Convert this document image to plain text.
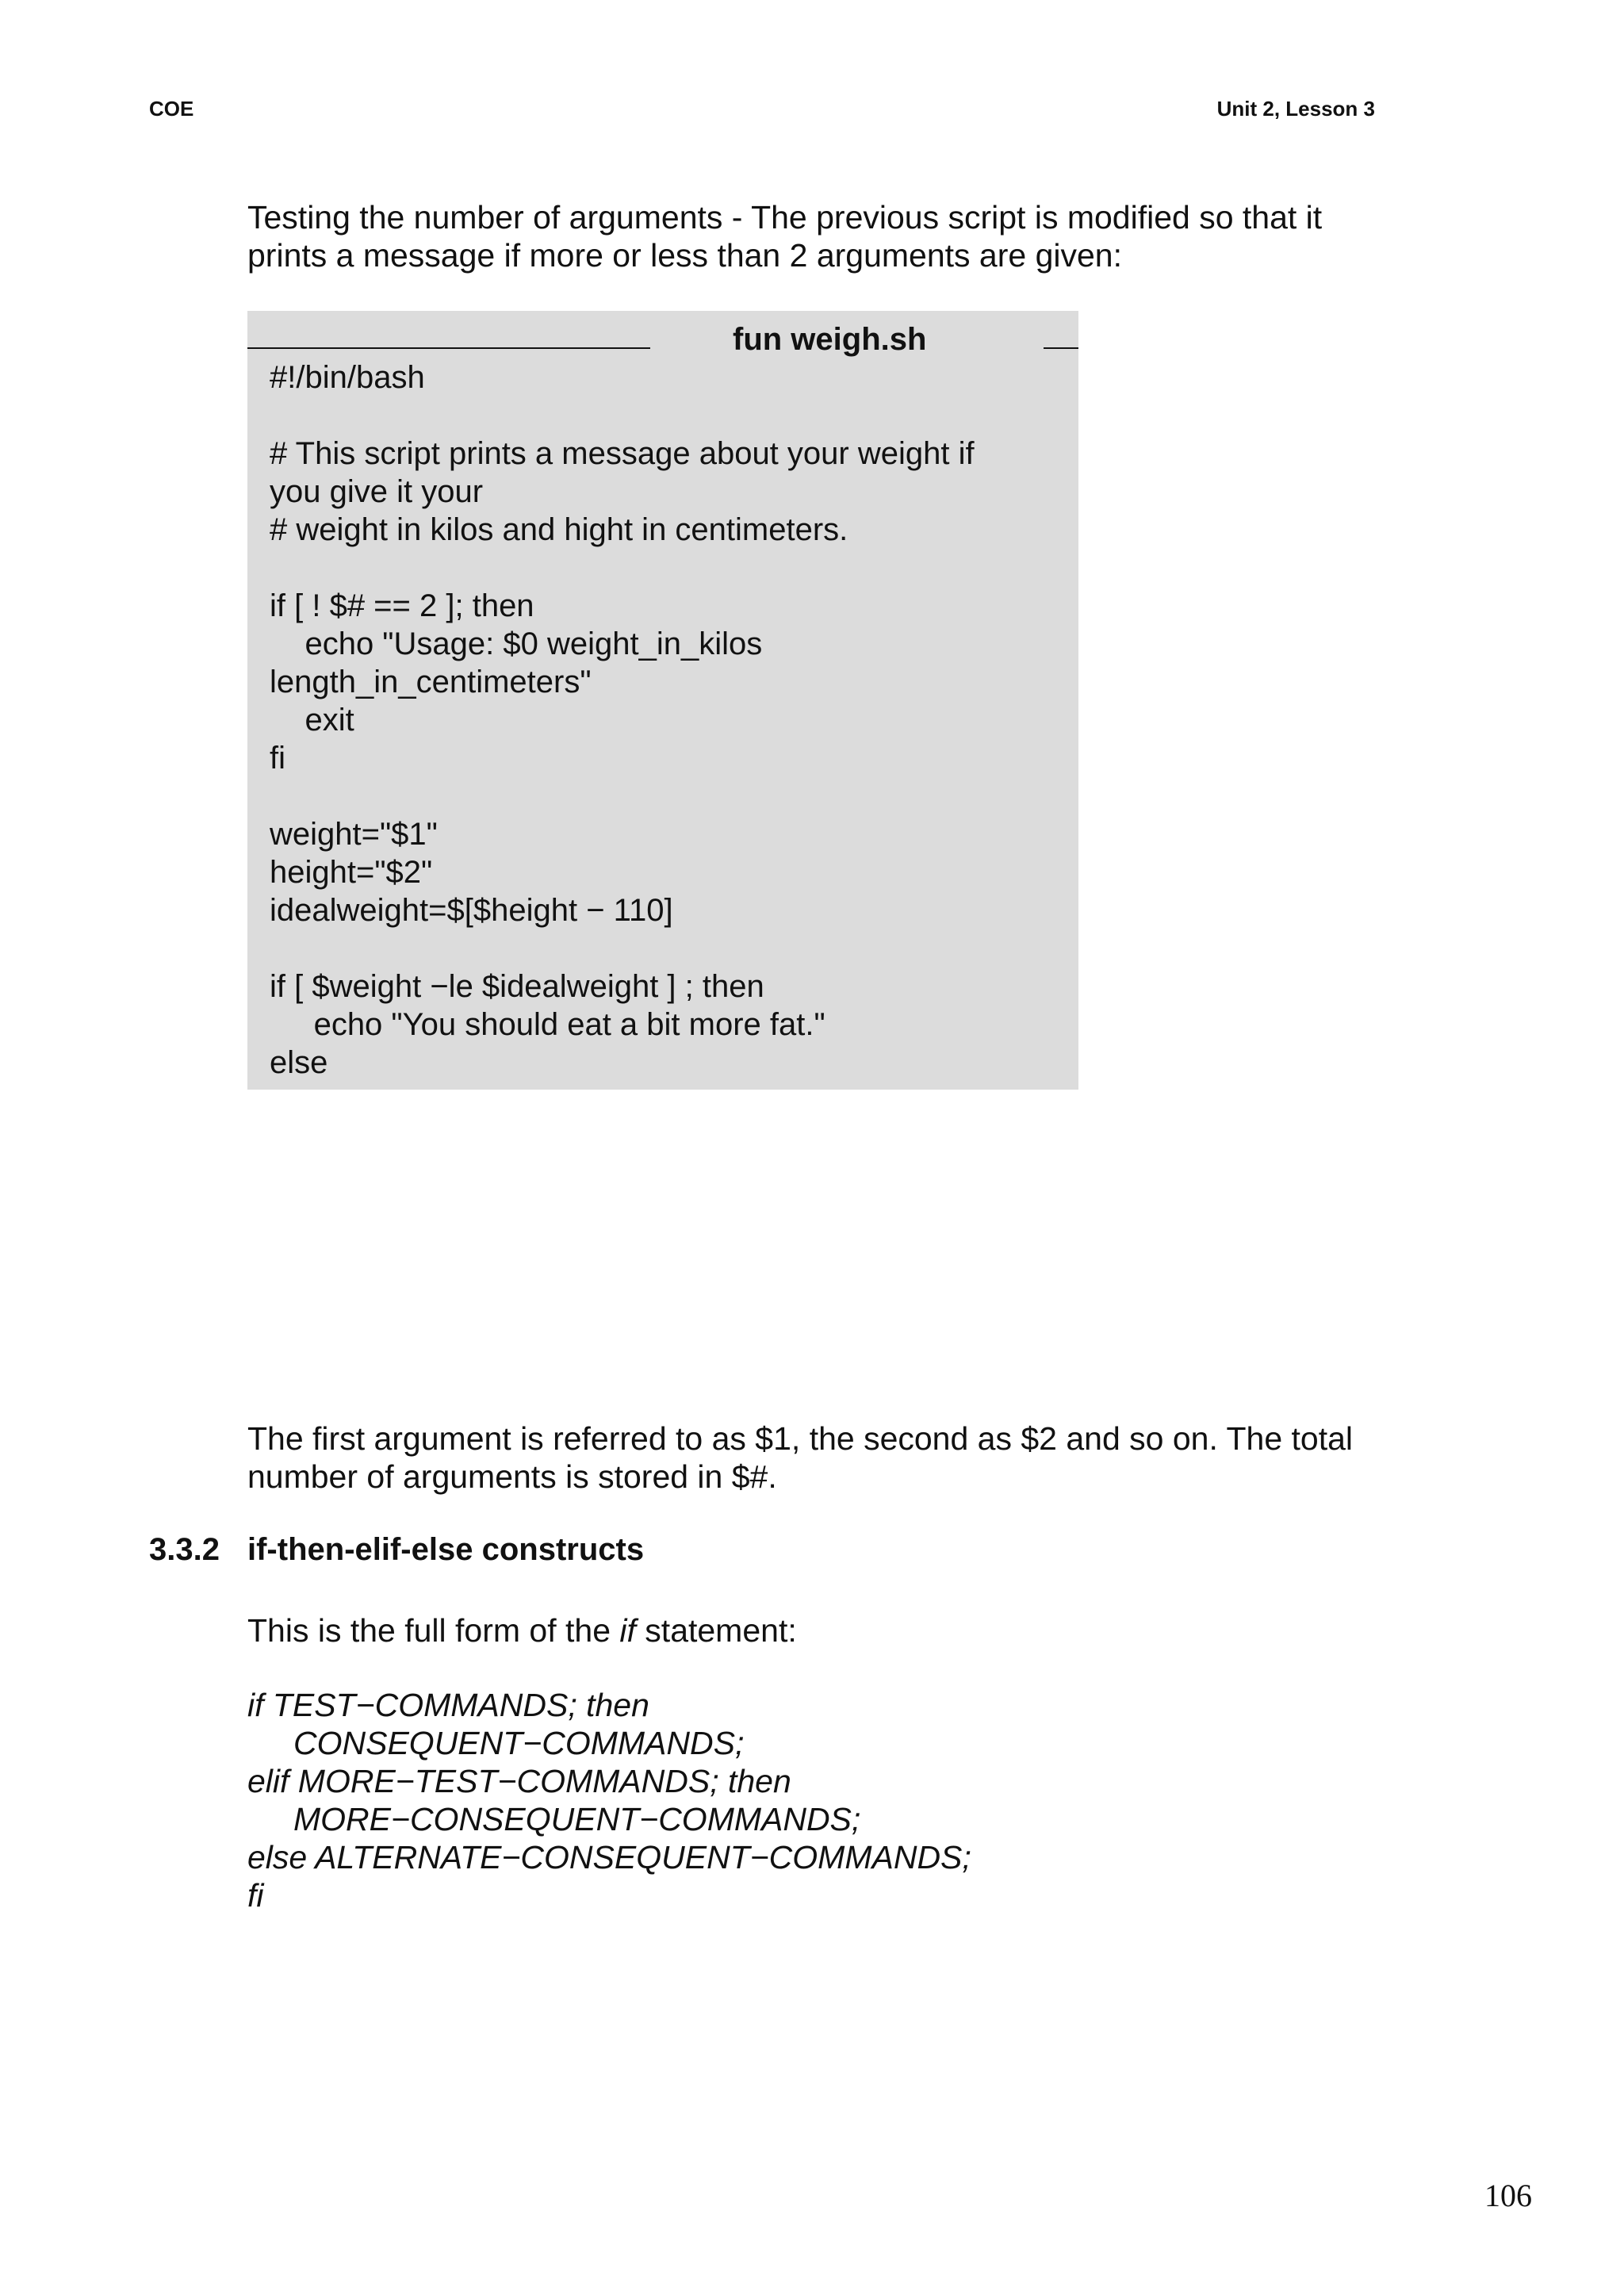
COE	Unit 2, Lesson 3
Testing the number of arguments - The previous script is modified so that it prints a message if more or less than 2 arguments are given:
fun weigh.sh
#!/bin/bash
# This script prints a message about your weight if
you give it your
# weight in kilos and hight in centimeters.
if [ ! $# == 2 ]; then
echo "Usage: $0 weight_in_kilos
length_in_centimeters"
exit
fi
weight="$1"
height="$2"
idealweight=$[$height − 110]
if [ $weight −le $idealweight ] ; then
echo "You should eat a bit more fat."
else
The first argument is referred to as $1, the second as $2 and so on. The total number of arguments is stored in $#.
3.3.2 if-then-elif-else constructs
This is the full form of the if statement:
if TEST−COMMANDS; then
CONSEQUENT−COMMANDS;
elif MORE−TEST−COMMANDS; then
MORE−CONSEQUENT−COMMANDS;
else ALTERNATE−CONSEQUENT−COMMANDS;
fi
106
